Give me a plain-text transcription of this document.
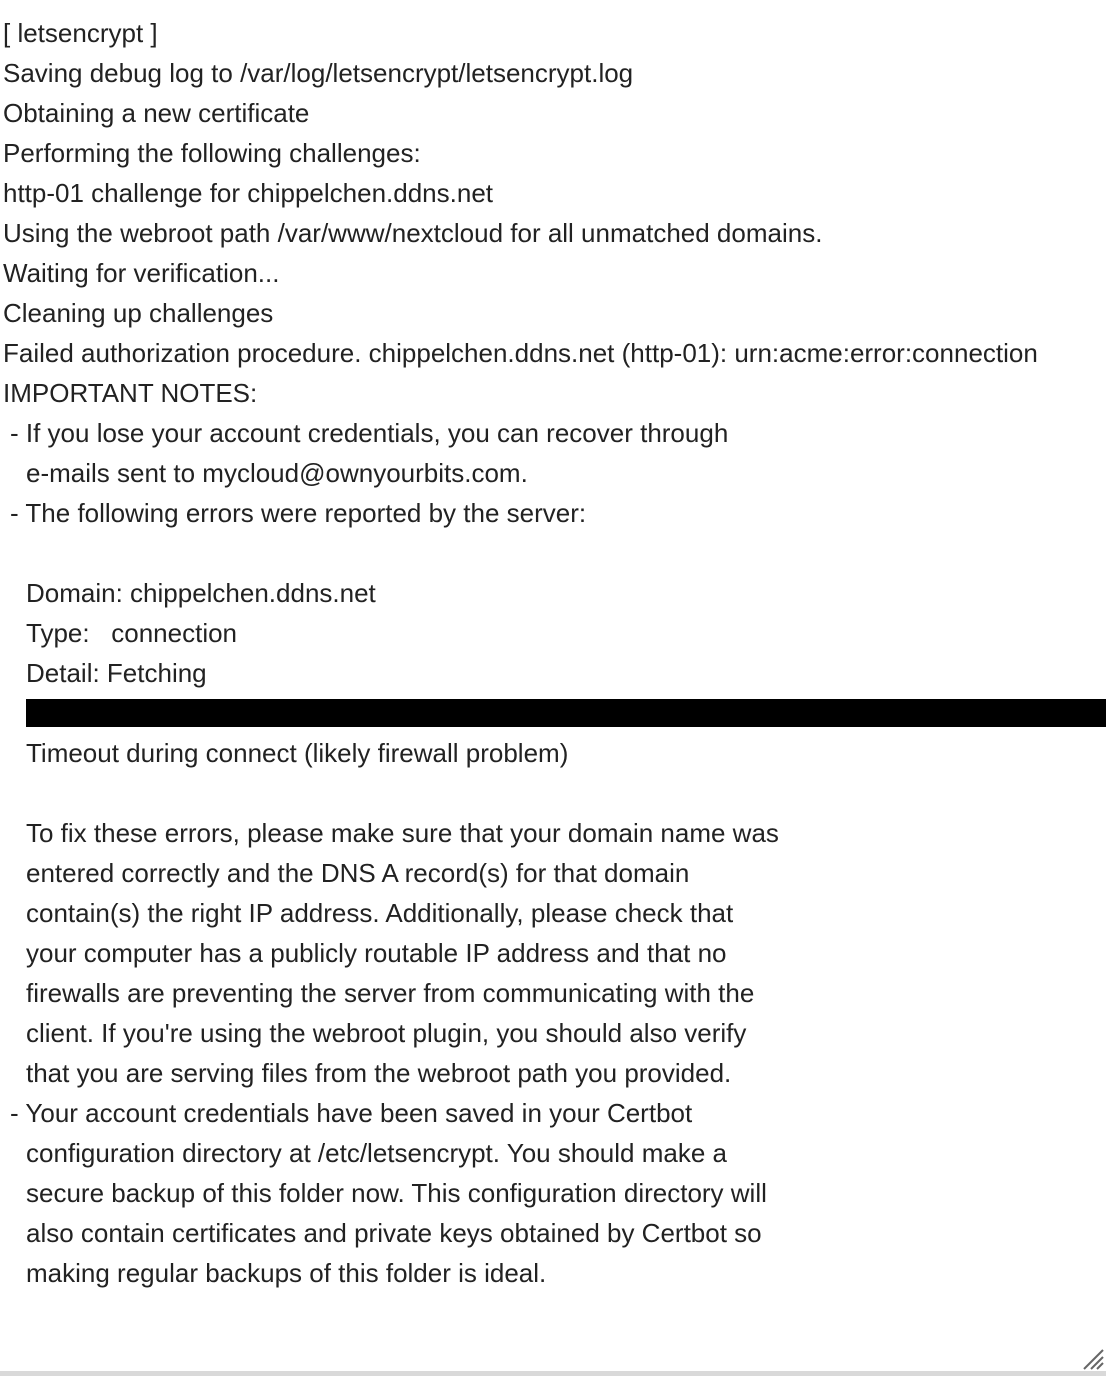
[ letsencrypt ]
Saving debug log to /var/log/letsencrypt/letsencrypt.log
Obtaining a new certificate
Performing the following challenges:
http-01 challenge for chippelchen.ddns.net
Using the webroot path /var/www/nextcloud for all unmatched domains.
Waiting for verification...
Cleaning up challenges
Failed authorization procedure. chippelchen.ddns.net (http-01): urn:acme:error:connection
IMPORTANT NOTES:
- If you lose your account credentials, you can recover through
e-mails sent to mycloud@ownyourbits.com.
- The following errors were reported by the server:
Domain: chippelchen.ddns.net
Type:   connection
Detail: Fetching
Timeout during connect (likely firewall problem)
To fix these errors, please make sure that your domain name was
entered correctly and the DNS A record(s) for that domain
contain(s) the right IP address. Additionally, please check that
your computer has a publicly routable IP address and that no
firewalls are preventing the server from communicating with the
client. If you're using the webroot plugin, you should also verify
that you are serving files from the webroot path you provided.
- Your account credentials have been saved in your Certbot
configuration directory at /etc/letsencrypt. You should make a
secure backup of this folder now. This configuration directory will
also contain certificates and private keys obtained by Certbot so
making regular backups of this folder is ideal.
